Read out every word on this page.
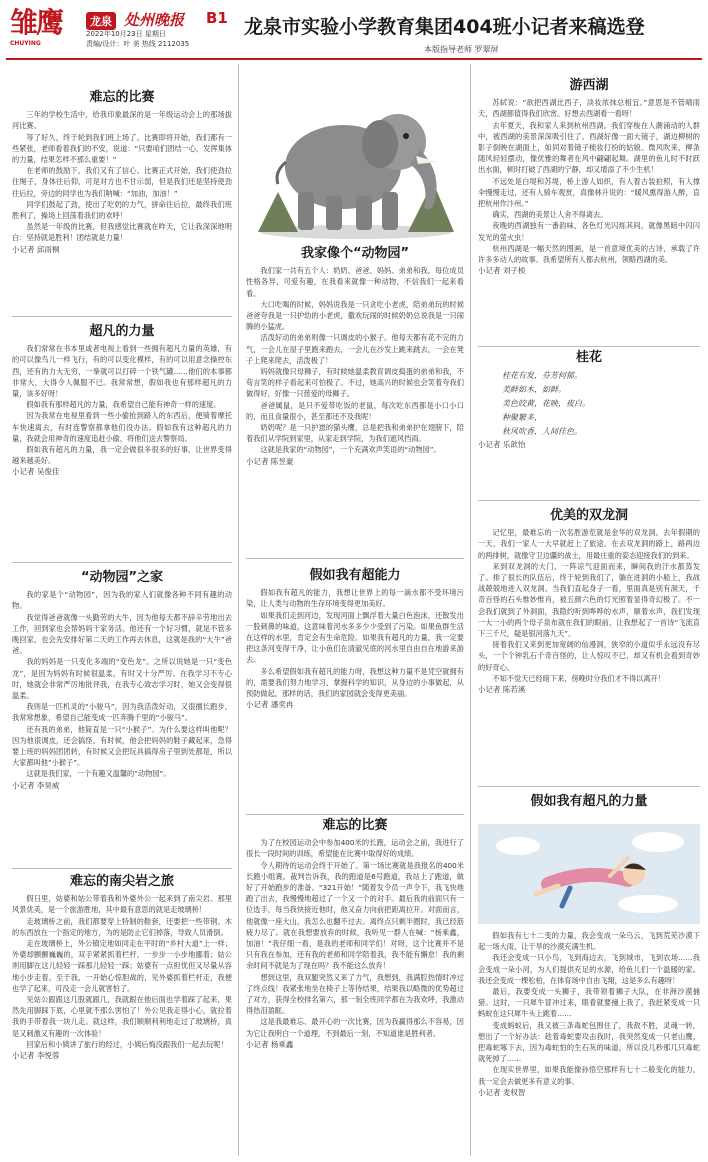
雏鹰
CHUYING
龙泉 处州晚报 B1
2022年10月23日 星期日
责编/设计：叶 美 热线 2112035
龙泉市实验小学教育集团404班小记者来稿选登
本版指导老师 罗翠屏
难忘的比赛

三年的学校生活中，给我印象最深的是一年级运动会上的那场拔河比赛。

等了好久，终于轮到我们班上场了。比赛即将开始，我们都有一些紧张，老师看着我们的不安，说道：“只要咱们团结一心，发挥集体的力量，结果怎样不那么重要！”

在老师的鼓励下，我们又有了信心。比赛正式开始，我们使劲拉住绳子，身体往后仰，可是对方也不甘示弱，但是我们还是坚持使劲往后拉，旁边的同学也为我们呐喊：“加油，加油！”

同学们鼓起了劲，使出了吃奶的力气，拼命往后拉，最终我们班胜利了，操场上回荡着我们的欢呼！

虽然是一年级的比赛，但我感觉比赛就在昨天，它让我深深地明白：坚持就是胜利！团结就是力量！

小记者 邱雨桐

超凡的力量

我们常常在书本里或者电视上看到一些拥有超凡力量的英雄，有的可以像鸟儿一样飞行，有的可以变化模样，有的可以用意念操控东西，还有的力大无穷，一拳就可以打碎一个铁气罐……他们的本事都非常大，大得令人佩服不已。我常常想，假如我也有那样超凡的力量，该多好呀！

假如我有那样超凡的力量，我希望自己能有神奇一样的速度。

因为我常在电视里看到一些小偷抢到路人的东西后，便骑着摩托车快速离去，有时连警察都拿他们没办法。假如我有这种超凡的力量，我就会用神奇的速度追赶小偷，将他们送去警察局。

假如我有超凡的力量，我一定会做很多很多的好事，让世界变得越来越美好。

小记者 吴俊佳

“动物园”之家

我的家是个“动物园”，因为我的家人们就像各种不同有趣的动物。

我觉得爸爸就像一头勤劳的大牛，因为他每天都不辞辛劳地出去工作，回到家也会帮妈妈干家务活。他还有一个好习惯，就是不管多晚回家，也会先安排好第二天的工作再去休息，这就是我的“大牛”爸爸。

我的妈妈是一只变化多端的“变色龙”。之所以说她是一只“变色龙”，是因为妈妈有时候很温柔，有时又十分严厉。在我学习不专心时，她就会非常严厉地批评我，在我专心致志学习时，她又会变得很温柔。

我则是一匹机灵的“小骏马”，因为我活泼好动，又很擅长跑步，我常常想象，希望自己能变成一匹奔腾千里的“小骏马”。

还有我的弟弟，他简直是一只“小猴子”。为什么要这样叫他呢？因为他很调皮，还会搞怪。有时候，他会把妈妈的鞋子藏起来，急得要上班的妈妈团团转，有时候又会把玩具搞得房子里到处都是，所以大家都叫他“小猴子”。

这就是我们家，一个有趣又温馨的“动物园”。

小记者 李昊威

难忘的南尖岩之旅

假日里，姑婆和姑公带着我和外婆外公一起来到了南尖岩。那里风景优美，是一个旅游胜地，其中最有意思的就是走玻璃桥！

走玻璃桥之前，我们都要穿上特制的鞋套，还要把一些带钢、木的东西放在一个指定的地方，为的是防止它们掉落，导致人员滑倒。

走在玻璃桥上，外公镇定地如同走在平时的“乡村大道”上一样；外婆却颤颤巍巍的，双手紧紧抓着栏杆，一步步一小步地挪着；姑公则用脚在这儿轻轻一踩那儿轻轻一踩；姑婆有一点担忧但又尽量从容地小步走着。至于我，一开始心惊胆战的，见外婆抓着栏杆走，我便也学了起来，可没走一会儿就害怕了。

见姑公跟跟这几股就跟几，我就跟在他后面也学着踩了起来，果然先用脚踩下底，心里就不那么害怕了！外公见我走得小心，就拉着我的手带着我一块儿走。就这样，我们顺顺利利地走过了玻璃桥，真是又刺激又有趣的一次体验！

回家后和小姨讲了旅行的经过，小姨后悔没跟我们一起去玩呢！

小记者 李悦蓉

我家像个“动物园”

我们家一共有五个人：奶奶、爸爸、妈妈、弟弟和我。每位成员性格各异，可爱有趣，在我看来就像一种动物，不信我们一起来看看。

大口吃喝的时候，妈妈说我是一只贪吃小老虎，陪弟弟玩的时候爸爸夸我是一只护幼的小老虎，撒欢玩闹的时候奶奶总说我是一只闹腾的小猛虎。

活泼好动的弟弟则像一只调皮的小猴子。他每天都有花不完的力气，一会儿在屋子里跑来跑去，一会儿在沙发上跳来跳去，一会在凳子上爬来爬去，活泼极了！

妈妈就像只母狮子，有时候她温柔教育调皮捣蛋的弟弟和我，不苟言笑的样子看起来可怕极了。不过，她高兴的时候也会笑着夸我们做得好，好像一只慈爱的母狮子。

爸爸属鼠，是只不爱带吃饭的老鼠，每次吃东西都是小口小口的，而且食量很小，甚至都还不及我呢！

奶奶呢？是一只护崽的猫头鹰，总是把我和弟弟护在翅膀下，陪着我们从学院到家里，从家走到学院，为我们遮风挡雨。

这就是我家的“动物园”，一个充满欢声笑语的“动物园”。

小记者 陈昱豪

假如我有超能力

假如我有超凡的能力，我想让世界上的每一滴水都不受环境污染，让人类与动物的生存环境变得更加美好。

如果我们走到河边，发现河面上飘浮着大量白色泡沫，还散发出一股刺鼻的味道，这意味着河水多多少少受到了污染。如果鱼群生活在这样的水里，肯定会有生命危险。如果我有超凡的力量，我一定要把这条河变得干净，让小鱼们在清澈见底的河水里自由自在地游来游去。

多么希望假如我有超凡的能力呀，我想这种力量不是凭空就拥有的，需要我们努力地学习，掌握科学的知识，从身边的小事做起，从预防做起，那样的话，我们的家园就会变得更美丽。

小记者 潘奕冉

难忘的比赛

为了在校园运动会中参加400米的长跑，运动会之前，我进行了很长一段时间的训练，希望能在比赛中取得好的成绩。

令人期待的运动会终于开始了。第一场比赛就是我报名的400米长跑小组赛。裁判告诉我，我的跑道是6号跑道，我站上了跑道，做好了开始跑步的准备。“321开始！”随着发令员一声令下，我飞快地跑了出去，我慢慢地超过了一个又一个的对手。最后我的前面只有一位选手，每当我快接近他时，他又奋力向前把距离拉开。对面而言，他就像一座大山，我怎么也翻不过去。离终点只剩半圈时，我已经筋疲力尽了。就在我想要放弃的时候，我听见一群人在喊：“杨乘鑫，加油！”我仔细一看，是我的老师和同学们！对呀，这个比赛并不是只有我在参加，还有我的老师和同学陪着我，我不能有懈怠！我的剩余时间不就是为了现在吗？我不能这么放弃！

想到这里，我双腿突然又来了力气，我想到，我满腔热情时冲过了终点线！我紧张地坐在椅子上等待结果，结果我以略微的优势超过了对方，获得全校排名第六，那一刻全班同学都在为我欢呼，我激动得热泪盈眶。

这是我最难忘、最开心的一次比赛，因为我赢得那么不容易，因为它让我明白一个道理，不到最后一刻，不知道谁是胜利者。

小记者 杨乘鑫

游西湖

苏轼说：“欲把西湖比西子，淡妆浓抹总相宜。”意思是不管晴雨天，西湖都值得我们欣赏。好想去西湖看一看呀！

去年夏天，我和家人来到杭州西湖。我们穿梭在人潮涌动的人群中，被西湖的美景深深吸引住了。西湖好像一面大镜子，湖边柳树的影子倒映在湖面上，如同对着镜子梳妆打扮的姑娘。微风吹来，柳条随风轻轻摆动，像优雅的舞者在风中翩翩起舞。湖里的鱼儿时不时跃出水面，顿时打破了西湖的宁静，却又增添了不少生机！

不远处是白堤和苏堤，桥上游人如织，有人着古装拍照，有人撑伞慢慢走过，还有人骑车观赏，真像林升说的：“暖风熏得游人醉，直把杭州作汴州。”

确实，西湖的美景让人舍不得离去。

夜晚的西湖独有一番韵味，各色灯光闪烁其间，就像黑暗中闪闪发光的萤火虫！

杭州西湖是一幅天然的图画，是一首意境优美的古诗，承载了许许多多动人的故事。我希望所有人都去杭州，领略西湖的美。

小记者 刘子桢

桂花
桂花有发，芬芳何郁。
美鲜如木，如鲜。
美色皎黄，花映，夜白。
种聚繁多，
秋风吹香，人间佳色。

小记者 乐歆怡

优美的双龙洞

记忆里，最难忘的一次名胜游览就是金华的双龙洞。去年假期的一天，我们一家人一大早就赶上了旅途。在去双龙洞的路上，路两边的两排树，就像守卫边疆的战士，用最庄重的姿态迎接我们的到来。

来到双龙洞的大门，一阵凉气迎面而来，瞬间我的汗水都蒸发了。排了很长的队伍后，终于轮到我们了，躺在进洞的小船上，我战战兢兢地进入双龙洞。当我们直起身子一看，里面真是别有洞天，千奇百怪的石头惟妙惟肖，被五颜六色的灯光照着显得奇幻极了。不一会我们就到了外洞面，我隐约听到哗哗的水声，顺着水声，我们发现一大一小的两个母子泉布就在我们的眼前，让我想起了一首诗“飞流直下三千尺，疑是银河落九天”。

接着我们又来到更加宽阔的仙漫洞，狭窄的小道似乎永远没有尽头，一个个钟乳石千奇百怪的，让人惊叹不已，却又有机会看到奇妙的好奇心。

不知不觉天已经暗下来，傍晚时分我们才不得以离开！

小记者 陈若溪

假如我有超凡的力量

假如我有七十二变的力量，我会变成一朵乌云，飞到荒芜沙漠下起一场大雨，让干旱的沙漠充满生机。

我还会变成一只小鸟，飞到海边去，飞到城市，飞到农场……我会变成一朵小河，为人们提供充足的水源，给鱼儿们一个温暖的家。我还会变成一棵松柏，在体育场中自由飞翔，这是多么有趣呀！

最后，我要变成一头狮子，我带领着狮子大队，在非洲沙漠捕猎。这时，一只犀牛冒冲过来，眼看就要撞上我了，我赶紧变成一只蚂蚁在这只犀牛头上跳着……

变成蚂蚁后，我又被三条毒蛇包围住了，我敌不胜，灵魂一转，想出了一个好办法：趁着毒蛇要攻击我时，我突然变成一只老山鹰，把毒蛇啄下去，因为毒蛇怕的生石灰的味道，所以没几秒那几只毒蛇就死掉了……

在现实世界里，如果我能像孙悟空那样有七十二般变化的能力，我一定会去做更多有意义的事。

小记者 麦权智
